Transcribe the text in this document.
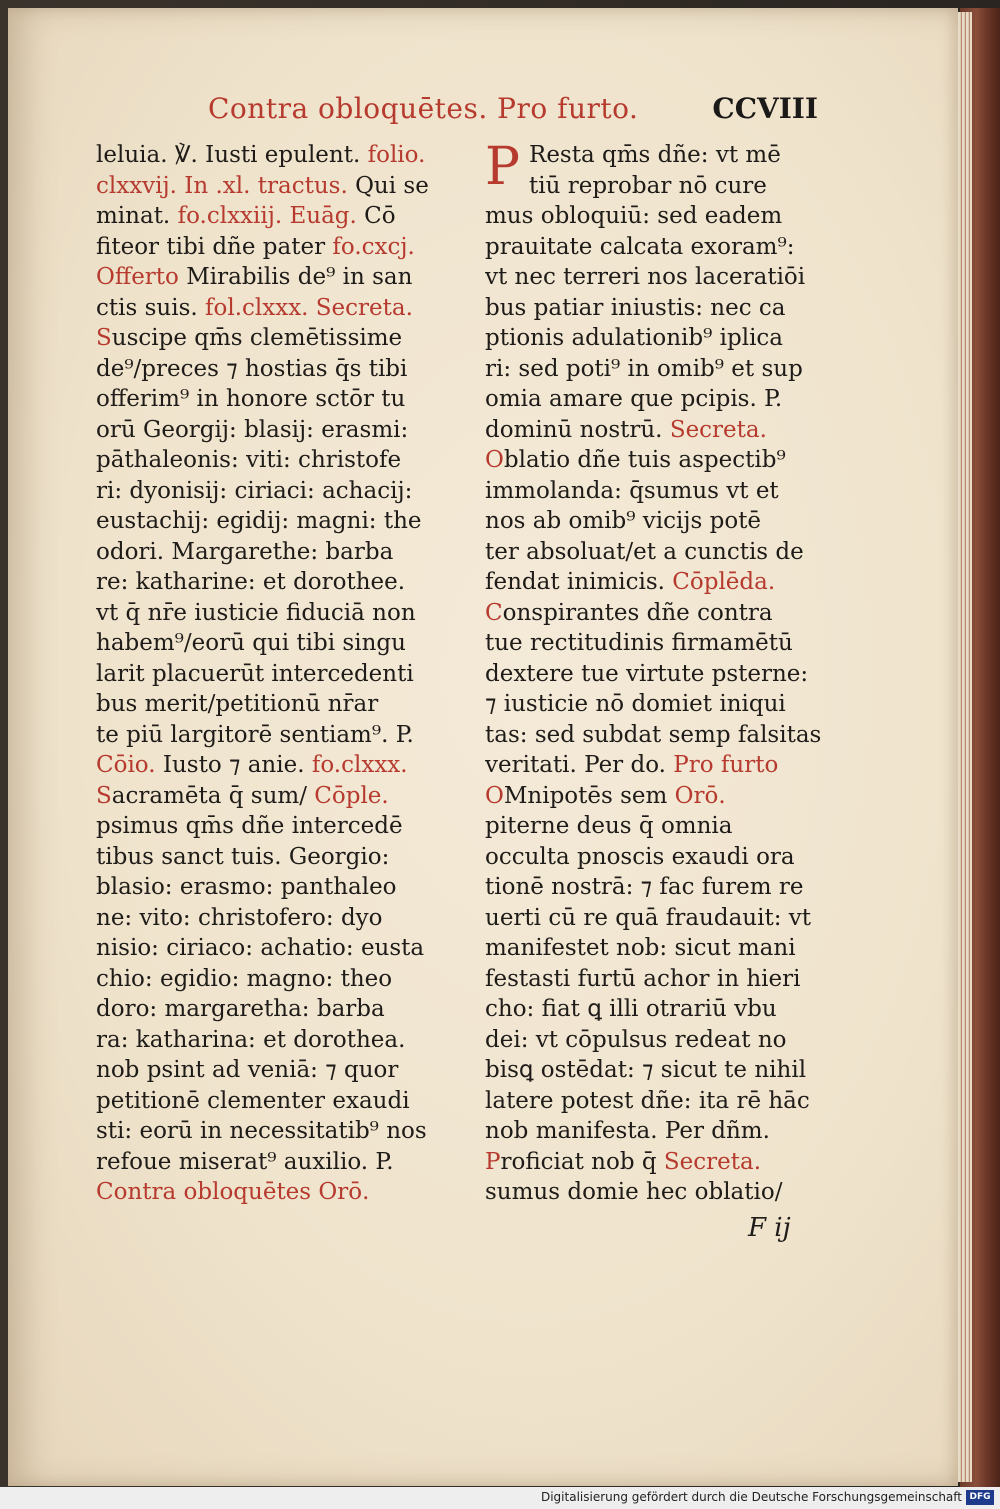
Contra obloquētes. Pro furto.	CCVIII
leluia. ℣. Iusti epulent. folio.
clxxvij. In .xl. tractus. Qui se
minat. fo.clxxiij. Euāg. Cō
fiteor tibi dñe pater fo.cxcj.
Offerto Mirabilis de⁹ in san
ctis suis. fol.clxxx. Secreta.
Suscipe qm̄s clemētissime
de⁹/preces ⁊ hostias q̄s tibi
offerim⁹ in honore sctōr tu
orū Georgij: blasij: erasmi:
pāthaleonis: viti: christofe
ri: dyonisij: ciriaci: achacij:
eustachij: egidij: magni: the
odori. Margarethe: barba
re: katharine: et dorothee.
vt q̄ nr̄e iusticie fiduciā non
habem⁹/eorū qui tibi singu
larit placuerūt intercedenti
bus merit/petitionū nr̄ar
te piū largitorē sentiam⁹. P.
Cōio. Iusto ⁊ anie. fo.clxxx.
Sacramēta q̄ sum/ Cōple.
psimus qm̄s dñe intercedē
tibus sanct tuis. Georgio:
blasio: erasmo: panthaleo
ne: vito: christofero: dyo
nisio: ciriaco: achatio: eusta
chio: egidio: magno: theo
doro: margaretha: barba
ra: katharina: et dorothea.
nob psint ad veniā: ⁊ quor
petitionē clementer exaudi
sti: eorū in necessitatib⁹ nos
refoue miserat⁹ auxilio. P.
Contra obloquētes Orō.
P Resta qm̄s dñe: vt mē
tiū reprobar nō cure
mus obloquiū: sed eadem
prauitate calcata exoram⁹:
vt nec terreri nos laceratiōi
bus patiar iniustis: nec ca
ptionis adulationib⁹ iplica
ri: sed poti⁹ in omib⁹ et sup
omia amare que pcipis. P.
dominū nostrū. Secreta.
Oblatio dñe tuis aspectib⁹
immolanda: q̄sumus vt et
nos ab omib⁹ vicijs potē
ter absoluat/et a cunctis de
fendat inimicis. Cōplēda.
Conspirantes dñe contra
tue rectitudinis firmamētū
dextere tue virtute psterne:
⁊ iusticie nō domiet iniqui
tas: sed subdat semp falsitas
veritati. Per do. Pro furto
OMnipotēs sem Orō.
piterne deus q̄ omnia
occulta pnoscis exaudi ora
tionē nostrā: ⁊ fac furem re
uerti cū re quā fraudauit: vt
manifestet nob: sicut mani
festasti furtū achor in hieri
cho: fiat ꝗ illi otrariū vbu
dei: vt cōpulsus redeat no
bisꝗ ostēdat: ⁊ sicut te nihil
latere potest dñe: ita rē hāc
nob manifesta. Per dñm.
Proficiat nob q̄ Secreta.
sumus domie hec oblatio/
F ij
Digitalisierung gefördert durch die Deutsche Forschungsgemeinschaft DFG
